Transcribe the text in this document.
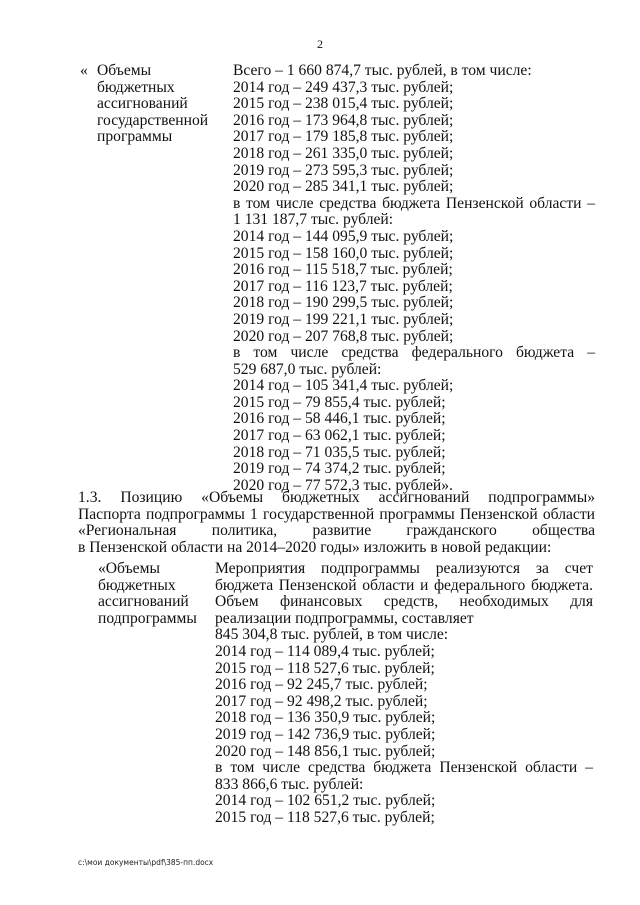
2
« Объемы
бюджетных
ассигнований
государственной
программы
Всего – 1 660 874,7 тыс. рублей, в том числе:
2014 год – 249 437,3 тыс. рублей;
2015 год – 238 015,4 тыс. рублей;
2016 год – 173 964,8 тыс. рублей;
2017 год – 179 185,8 тыс. рублей;
2018 год – 261 335,0 тыс. рублей;
2019 год – 273 595,3 тыс. рублей;
2020 год – 285 341,1 тыс. рублей;
в том числе средства бюджета Пензенской области –
1 131 187,7 тыс. рублей:
2014 год – 144 095,9 тыс. рублей;
2015 год – 158 160,0 тыс. рублей;
2016 год – 115 518,7 тыс. рублей;
2017 год – 116 123,7 тыс. рублей;
2018 год – 190 299,5 тыс. рублей;
2019 год – 199 221,1 тыс. рублей;
2020 год – 207 768,8 тыс. рублей;
в том числе средства федерального бюджета –
529 687,0 тыс. рублей:
2014 год – 105 341,4 тыс. рублей;
2015 год – 79 855,4 тыс. рублей;
2016 год – 58 446,1 тыс. рублей;
2017 год – 63 062,1 тыс. рублей;
2018 год – 71 035,5 тыс. рублей;
2019 год – 74 374,2 тыс. рублей;
2020 год – 77 572,3 тыс. рублей».
1.3. Позицию «Объемы бюджетных ассигнований подпрограммы»
Паспорта подпрограммы 1 государственной программы Пензенской области
«Региональная политика, развитие гражданского общества
в Пензенской области на 2014–2020 годы» изложить в новой редакции:
«Объемы
бюджетных
ассигнований
подпрограммы
Мероприятия подпрограммы реализуются за счет
бюджета Пензенской области и федерального бюджета.
Объем финансовых средств, необходимых для
реализации подпрограммы, составляет
845 304,8 тыс. рублей, в том числе:
2014 год – 114 089,4 тыс. рублей;
2015 год – 118 527,6 тыс. рублей;
2016 год – 92 245,7 тыс. рублей;
2017 год – 92 498,2 тыс. рублей;
2018 год – 136 350,9 тыс. рублей;
2019 год – 142 736,9 тыс. рублей;
2020 год – 148 856,1 тыс. рублей;
в том числе средства бюджета Пензенской области –
833 866,6 тыс. рублей:
2014 год – 102 651,2 тыс. рублей;
2015 год – 118 527,6 тыс. рублей;
c:\мои документы\pdf\385-пп.docx
